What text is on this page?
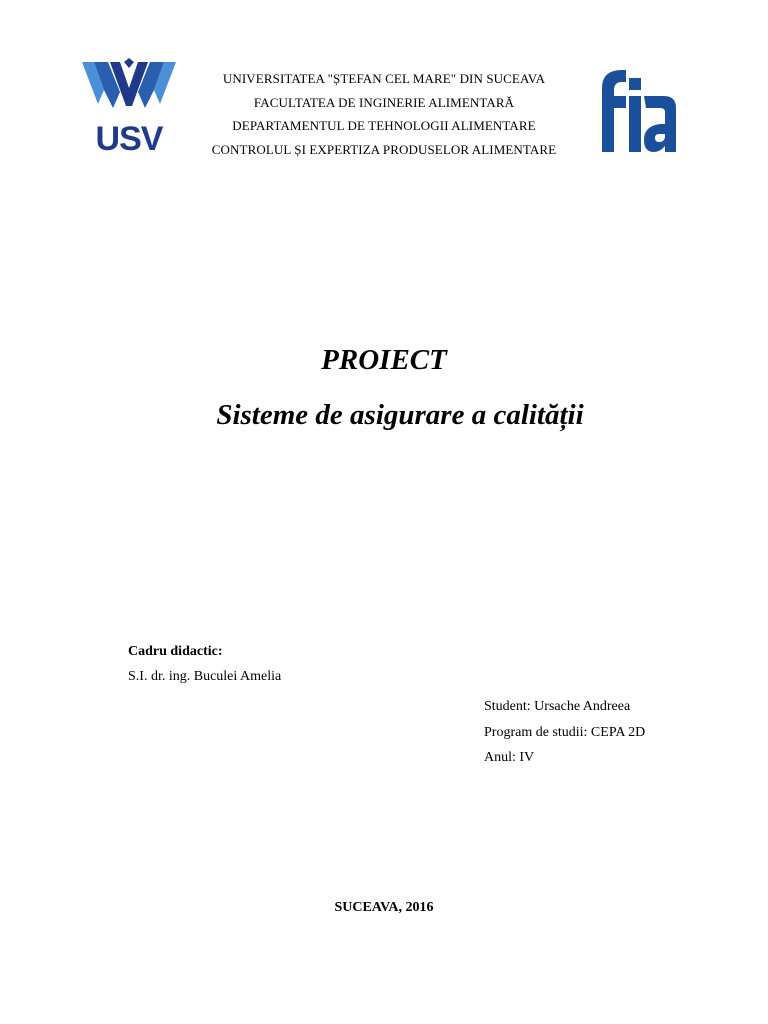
USV
UNIVERSITATEA "ȘTEFAN CEL MARE" DIN SUCEAVA
FACULTATEA DE INGINERIE ALIMENTARĂ
DEPARTAMENTUL DE TEHNOLOGII ALIMENTARE
CONTROLUL ȘI EXPERTIZA PRODUSELOR ALIMENTARE
PROIECT
Sisteme de asigurare a calității
Cadru didactic:
S.I. dr. ing. Buculei Amelia
Student: Ursache Andreea
Program de studii: CEPA 2D
Anul: IV
SUCEAVA, 2016
